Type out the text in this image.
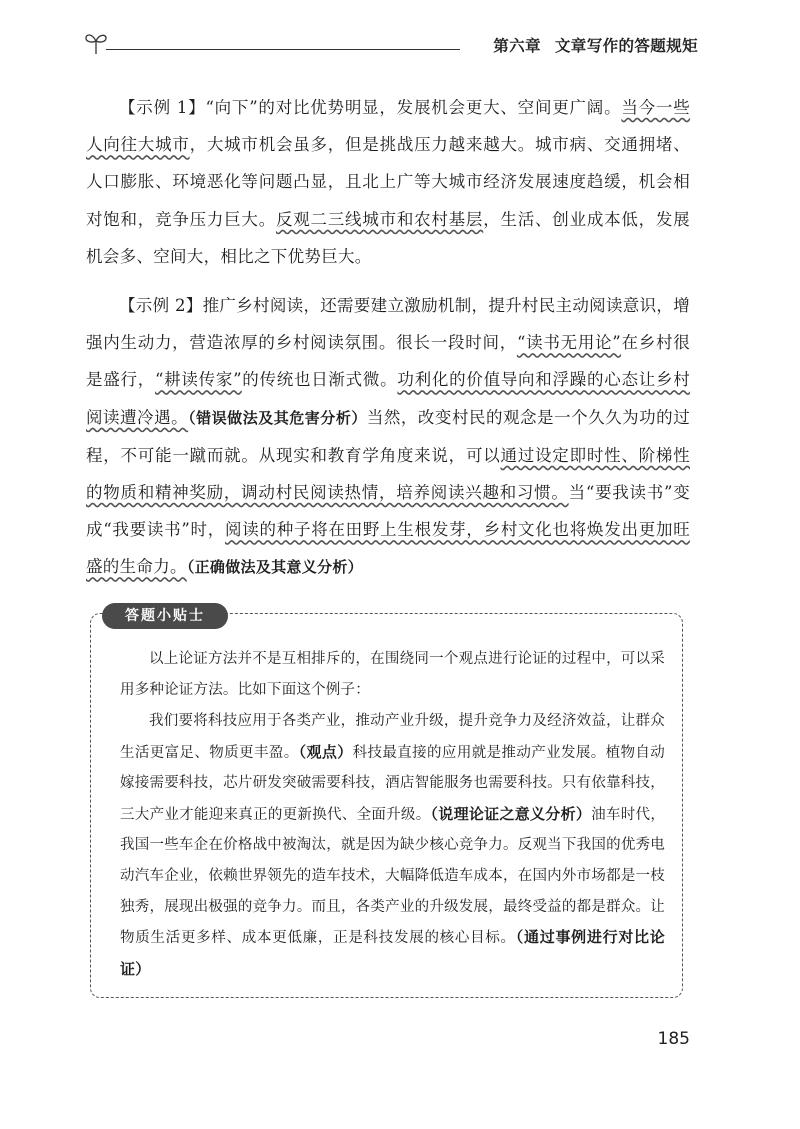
第六章 文章写作的答题规矩

【示例 1】“向下”的对比优势明显，发展机会更大、空间更广阔。当今一些人向往大城市，大城市机会虽多，但是挑战压力越来越大。城市病、交通拥堵、人口膨胀、环境恶化等问题凸显，且北上广等大城市经济发展速度趋缓，机会相对饱和，竞争压力巨大。反观二三线城市和农村基层，生活、创业成本低，发展机会多、空间大，相比之下优势巨大。

【示例 2】推广乡村阅读，还需要建立激励机制，提升村民主动阅读意识，增强内生动力，营造浓厚的乡村阅读氛围。很长一段时间，“读书无用论”在乡村很是盛行，“耕读传家”的传统也日渐式微。功利化的价值导向和浮躁的心态让乡村阅读遭冷遇。（错误做法及其危害分析）当然，改变村民的观念是一个久久为功的过程，不可能一蹴而就。从现实和教育学角度来说，可以通过设定即时性、阶梯性的物质和精神奖励，调动村民阅读热情，培养阅读兴趣和习惯。当“要我读书”变成“我要读书”时，阅读的种子将在田野上生根发芽，乡村文化也将焕发出更加旺盛的生命力。（正确做法及其意义分析）

答题小贴士

以上论证方法并不是互相排斥的，在围绕同一个观点进行论证的过程中，可以采用多种论证方法。比如下面这个例子：

我们要将科技应用于各类产业，推动产业升级，提升竞争力及经济效益，让群众生活更富足、物质更丰盈。（观点）科技最直接的应用就是推动产业发展。植物自动嫁接需要科技，芯片研发突破需要科技，酒店智能服务也需要科技。只有依靠科技，三大产业才能迎来真正的更新换代、全面升级。（说理论证之意义分析）油车时代，我国一些车企在价格战中被淘汰，就是因为缺少核心竞争力。反观当下我国的优秀电动汽车企业，依赖世界领先的造车技术，大幅降低造车成本，在国内外市场都是一枝独秀，展现出极强的竞争力。而且，各类产业的升级发展，最终受益的都是群众。让物质生活更多样、成本更低廉，正是科技发展的核心目标。（通过事例进行对比论证）

185
